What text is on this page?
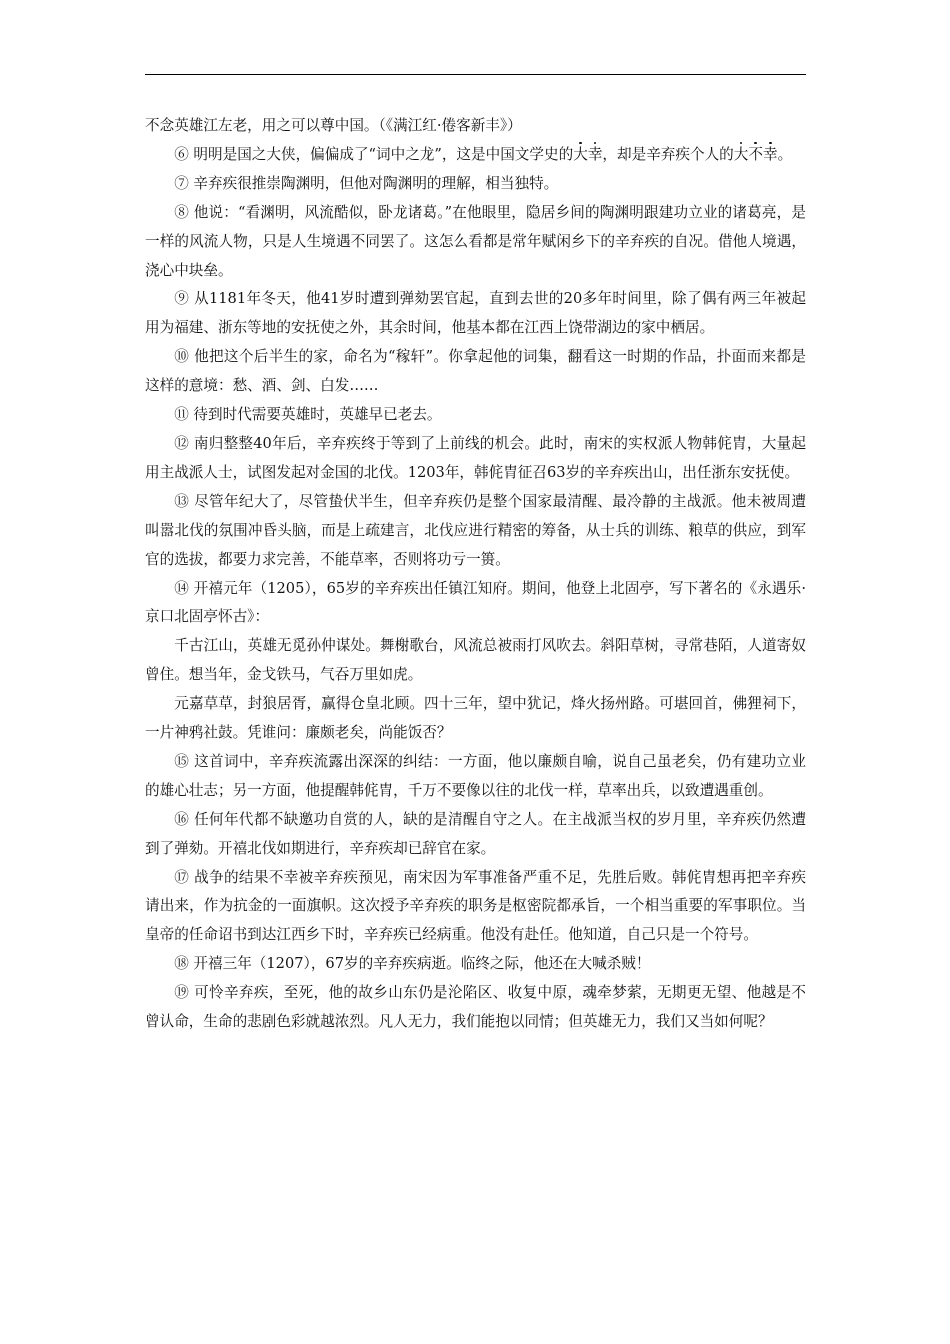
不念英雄江左老，用之可以尊中国。（《满江红·倦客新丰》）

⑥ 明明是国之大侠，偏偏成了“词中之龙”，这是中国文学史的大幸，却是辛弃疾个人的大不幸。

⑦ 辛弃疾很推崇陶渊明，但他对陶渊明的理解，相当独特。

⑧ 他说：“看渊明，风流酷似，卧龙诸葛。”在他眼里，隐居乡间的陶渊明跟建功立业的诸葛亮，是一样的风流人物，只是人生境遇不同罢了。这怎么看都是常年赋闲乡下的辛弃疾的自况。借他人境遇，浇心中块垒。

⑨ 从1181年冬天，他41岁时遭到弹劾罢官起，直到去世的20多年时间里，除了偶有两三年被起用为福建、浙东等地的安抚使之外，其余时间，他基本都在江西上饶带湖边的家中栖居。

⑩ 他把这个后半生的家，命名为“稼轩”。你拿起他的词集，翻看这一时期的作品，扑面而来都是这样的意境：愁、酒、剑、白发……

⑪ 待到时代需要英雄时，英雄早已老去。

⑫ 南归整整40年后，辛弃疾终于等到了上前线的机会。此时，南宋的实权派人物韩侂胄，大量起用主战派人士，试图发起对金国的北伐。1203年，韩侂胄征召63岁的辛弃疾出山，出任浙东安抚使。

⑬ 尽管年纪大了，尽管蛰伏半生，但辛弃疾仍是整个国家最清醒、最冷静的主战派。他未被周遭叫嚣北伐的氛围冲昏头脑，而是上疏建言，北伐应进行精密的筹备，从士兵的训练、粮草的供应，到军官的选拔，都要力求完善，不能草率，否则将功亏一篑。

⑭ 开禧元年（1205），65岁的辛弃疾出任镇江知府。期间，他登上北固亭，写下著名的《永遇乐·京口北固亭怀古》：

千古江山，英雄无觅孙仲谋处。舞榭歌台，风流总被雨打风吹去。斜阳草树，寻常巷陌，人道寄奴曾住。想当年，金戈铁马，气吞万里如虎。

元嘉草草，封狼居胥，赢得仓皇北顾。四十三年，望中犹记，烽火扬州路。可堪回首，佛狸祠下，一片神鸦社鼓。凭谁问：廉颇老矣，尚能饭否？

⑮ 这首词中，辛弃疾流露出深深的纠结：一方面，他以廉颇自喻，说自己虽老矣，仍有建功立业的雄心壮志；另一方面，他提醒韩侂胄，千万不要像以往的北伐一样，草率出兵，以致遭遇重创。

⑯ 任何年代都不缺邀功自赏的人，缺的是清醒自守之人。在主战派当权的岁月里，辛弃疾仍然遭到了弹劾。开禧北伐如期进行，辛弃疾却已辞官在家。

⑰ 战争的结果不幸被辛弃疾预见，南宋因为军事准备严重不足，先胜后败。韩侂胄想再把辛弃疾请出来，作为抗金的一面旗帜。这次授予辛弃疾的职务是枢密院都承旨，一个相当重要的军事职位。当皇帝的任命诏书到达江西乡下时，辛弃疾已经病重。他没有赴任。他知道，自己只是一个符号。

⑱ 开禧三年（1207），67岁的辛弃疾病逝。临终之际，他还在大喊杀贼！

⑲ 可怜辛弃疾，至死，他的故乡山东仍是沦陷区、收复中原，魂牵梦萦，无期更无望、他越是不曾认命，生命的悲剧色彩就越浓烈。凡人无力，我们能抱以同情；但英雄无力，我们又当如何呢？
